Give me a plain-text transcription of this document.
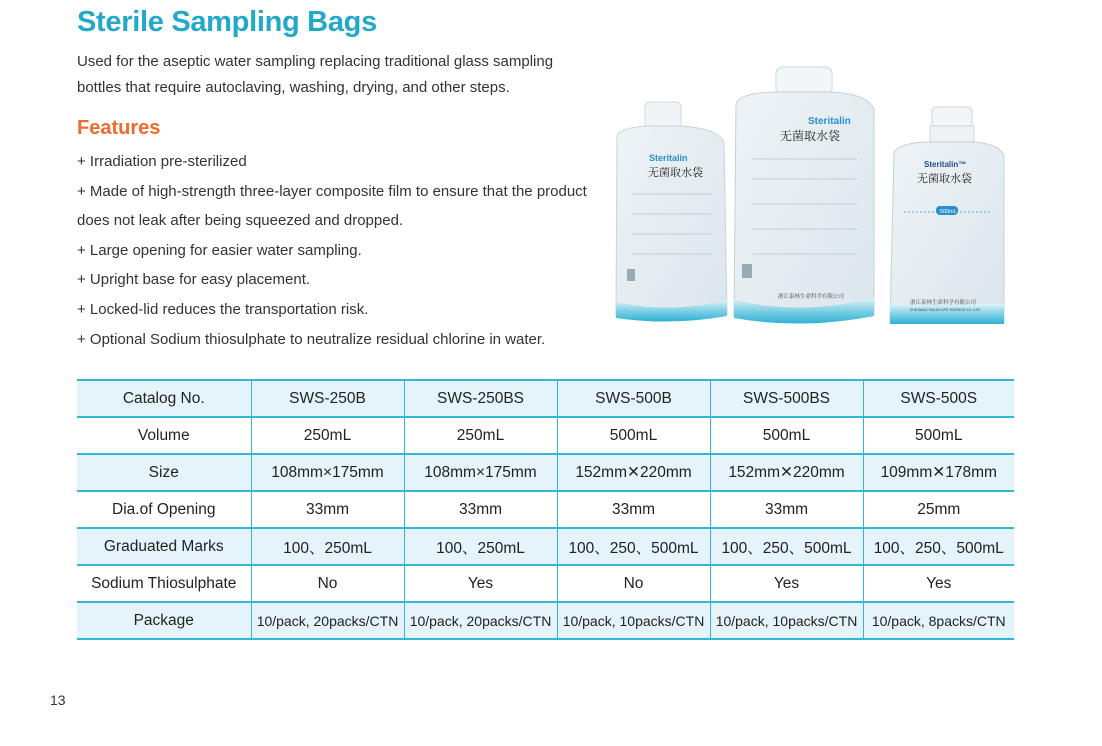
Sterile Sampling Bags
Used for the aseptic water sampling replacing traditional glass sampling bottles that require autoclaving, washing, drying, and other steps.
Features
+ Irradiation pre-sterilized
+ Made of high-strength three-layer composite film to ensure that the product does not leak after being squeezed and dropped.
+ Large opening for easier water sampling.
+ Upright base for easy placement.
+ Locked-lid reduces the transportation risk.
+ Optional Sodium thiosulphate to neutralize residual chlorine in water.
Steritalin
无菌取水袋
Steritalin
无菌取水袋
浙江泰林生命科学有限公司
Steritalin™
无菌取水袋
500mL
浙江泰林生命科学有限公司
ZHEJIANG TAILIN LIFE SCIENCE CO.,LTD
Catalog No.	SWS-250B	SWS-250BS	SWS-500B	SWS-500BS	SWS-500S
Volume	250mL	250mL	500mL	500mL	500mL
Size	108mm×175mm	108mm×175mm	152mm✕220mm	152mm✕220mm	109mm✕178mm
Dia.of Opening	33mm	33mm	33mm	33mm	25mm
Graduated Marks	100、250mL	100、250mL	100、250、500mL	100、250、500mL	100、250、500mL
Sodium Thiosulphate	No	Yes	No	Yes	Yes
Package	10/pack, 20packs/CTN	10/pack, 20packs/CTN	10/pack, 10packs/CTN	10/pack, 10packs/CTN	10/pack, 8packs/CTN
13
